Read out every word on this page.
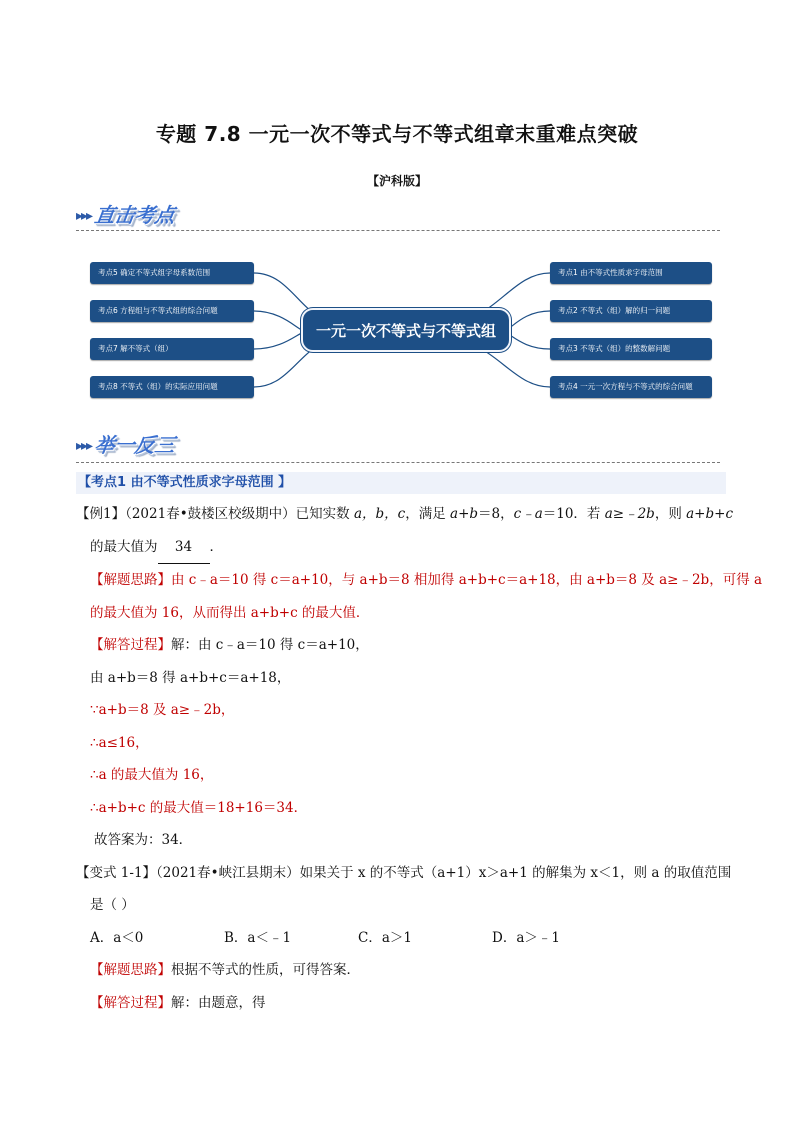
专题 7.8 一元一次不等式与不等式组章末重难点突破
【沪科版】
▸▸▸ 直击考点
考点5 确定不等式组字母系数范围
考点6 方程组与不等式组的综合问题
考点7 解不等式（组）
考点8 不等式（组）的实际应用问题
一元一次不等式与不等式组
考点1 由不等式性质求字母范围
考点2 不等式（组）解的归一问题
考点3 不等式（组）的整数解问题
考点4 一元一次方程与不等式的综合问题
▸▸▸ 举一反三
【考点1 由不等式性质求字母范围 】
【例1】（2021春•鼓楼区校级期中）已知实数 a，b，c，满足 a+b＝8，c﹣a＝10．若 a≥﹣2b，则 a+b+c
的最大值为 34 ．
【解题思路】由 c﹣a＝10 得 c＝a+10，与 a+b＝8 相加得 a+b+c＝a+18，由 a+b＝8 及 a≥﹣2b，可得 a
的最大值为 16，从而得出 a+b+c 的最大值．
【解答过程】解：由 c﹣a＝10 得 c＝a+10，
由 a+b＝8 得 a+b+c＝a+18，
∵a+b＝8 及 a≥﹣2b，
∴a≤16，
∴a 的最大值为 16，
∴a+b+c 的最大值＝18+16＝34．
故答案为：34．
【变式 1-1】（2021春•峡江县期末）如果关于 x 的不等式（a+1）x＞a+1 的解集为 x＜1，则 a 的取值范围
是（ ）
A．a＜0	B．a＜﹣1	C．a＞1	D．a＞﹣1
【解题思路】根据不等式的性质，可得答案．
【解答过程】解：由题意，得
